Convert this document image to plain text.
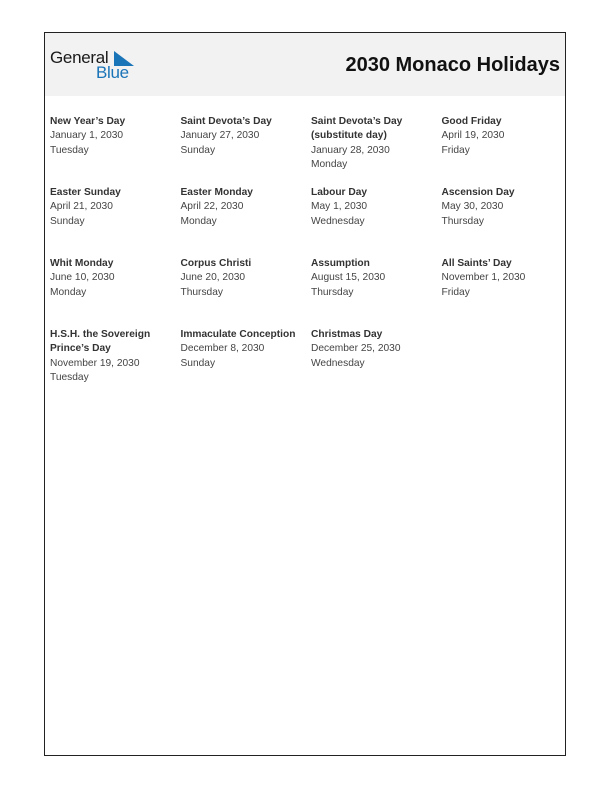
General
Blue	2030 Monaco Holidays
New Year’s Day
January 1, 2030
Tuesday
Saint Devota’s Day
January 27, 2030
Sunday
Saint Devota’s Day (substitute day)
January 28, 2030
Monday
Good Friday
April 19, 2030
Friday
Easter Sunday
April 21, 2030
Sunday
Easter Monday
April 22, 2030
Monday
Labour Day
May 1, 2030
Wednesday
Ascension Day
May 30, 2030
Thursday
Whit Monday
June 10, 2030
Monday
Corpus Christi
June 20, 2030
Thursday
Assumption
August 15, 2030
Thursday
All Saints’ Day
November 1, 2030
Friday
H.S.H. the Sovereign Prince’s Day
November 19, 2030
Tuesday
Immaculate Conception
December 8, 2030
Sunday
Christmas Day
December 25, 2030
Wednesday
